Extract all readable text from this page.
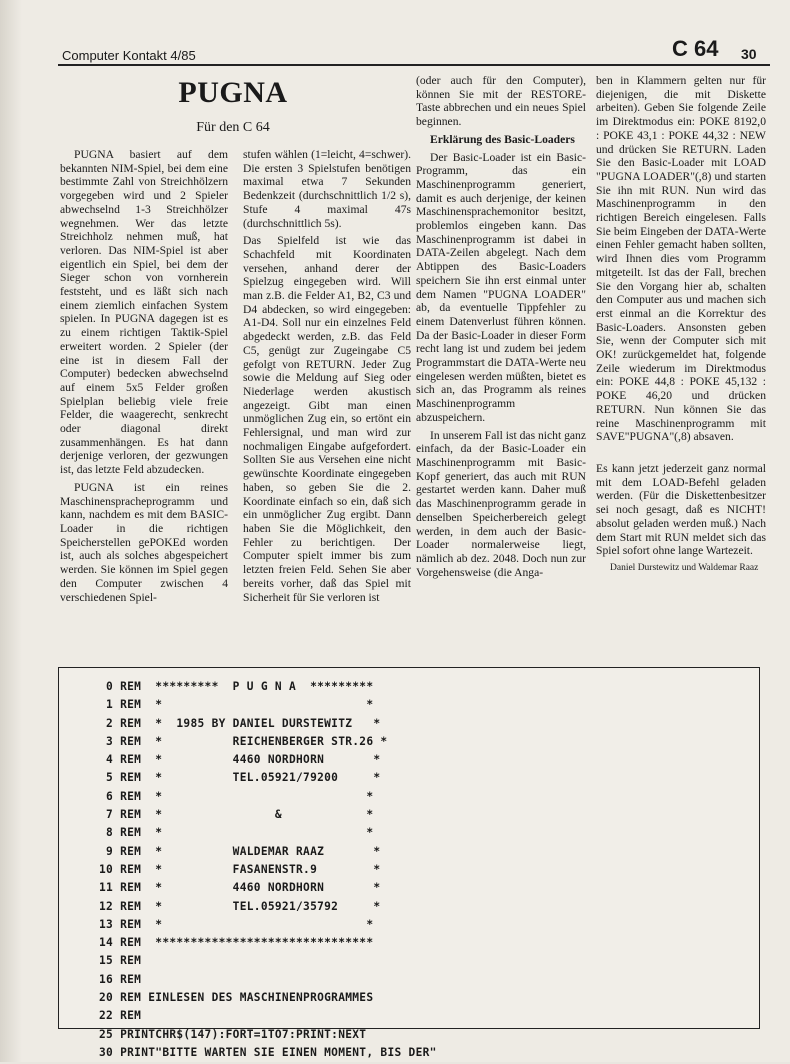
Computer Kontakt 4/85	C 64 30
PUGNA
Für den C 64

PUGNA basiert auf dem bekannten NIM-Spiel, bei dem eine bestimmte Zahl von Streichhölzern vorgegeben wird und 2 Spieler abwechselnd 1-3 Streichhölzer wegnehmen. Wer das letzte Streichholz nehmen muß, hat verloren. Das NIM-Spiel ist aber eigentlich ein Spiel, bei dem der Sieger schon von vornherein feststeht, und es läßt sich nach einem ziemlich einfachen System spielen. In PUGNA dagegen ist es zu einem richtigen Taktik-Spiel erweitert worden. 2 Spieler (der eine ist in diesem Fall der Computer) bedecken abwechselnd auf einem 5x5 Felder großen Spielplan beliebig viele freie Felder, die waagerecht, senkrecht oder diagonal direkt zusammenhängen. Es hat dann derjenige verloren, der gezwungen ist, das letzte Feld abzudecken.

PUGNA ist ein reines Maschinenspracheprogramm und kann, nachdem es mit dem BASIC-Loader in die richtigen Speicherstellen gePOKEd worden ist, auch als solches abgespeichert werden. Sie können im Spiel gegen den Computer zwischen 4 verschiedenen Spiel-

stufen wählen (1=leicht, 4=schwer). Die ersten 3 Spielstufen benötigen maximal etwa 7 Sekunden Bedenkzeit (durchschnittlich 1/2 s), Stufe 4 maximal 47s (durchschnittlich 5s).

Das Spielfeld ist wie das Schachfeld mit Koordinaten versehen, anhand derer der Spielzug eingegeben wird. Will man z.B. die Felder A1, B2, C3 und D4 abdecken, so wird eingegeben: A1-D4. Soll nur ein einzelnes Feld abgedeckt werden, z.B. das Feld C5, genügt zur Zugeingabe C5 gefolgt von RETURN. Jeder Zug sowie die Meldung auf Sieg oder Niederlage werden akustisch angezeigt. Gibt man einen unmöglichen Zug ein, so ertönt ein Fehlersignal, und man wird zur nochmaligen Eingabe aufgefordert. Sollten Sie aus Versehen eine nicht gewünschte Koordinate eingegeben haben, so geben Sie die 2. Koordinate einfach so ein, daß sich ein unmöglicher Zug ergibt. Dann haben Sie die Möglichkeit, den Fehler zu berichtigen. Der Computer spielt immer bis zum letzten freien Feld. Sehen Sie aber bereits vorher, daß das Spiel mit Sicherheit für Sie verloren ist

(oder auch für den Computer), können Sie mit der RESTORE-Taste abbrechen und ein neues Spiel beginnen.

Erklärung des Basic-Loaders

Der Basic-Loader ist ein Basic-Programm, das ein Maschinenprogramm generiert, damit es auch derjenige, der keinen Maschinensprachemonitor besitzt, problemlos eingeben kann. Das Maschinenprogramm ist dabei in DATA-Zeilen abgelegt. Nach dem Abtippen des Basic-Loaders speichern Sie ihn erst einmal unter dem Namen "PUGNA LOADER" ab, da eventuelle Tippfehler zu einem Datenverlust führen können. Da der Basic-Loader in dieser Form recht lang ist und zudem bei jedem Programmstart die DATA-Werte neu eingelesen werden müßten, bietet es sich an, das Programm als reines Maschinenprogramm abzuspeichern.

In unserem Fall ist das nicht ganz einfach, da der Basic-Loader ein Maschinenprogramm mit Basic-Kopf generiert, das auch mit RUN gestartet werden kann. Daher muß das Maschinenprogramm gerade in denselben Speicherbereich gelegt werden, in dem auch der Basic-Loader normalerweise liegt, nämlich ab dez. 2048. Doch nun zur Vorgehensweise (die Anga-

ben in Klammern gelten nur für diejenigen, die mit Diskette arbeiten). Geben Sie folgende Zeile im Direktmodus ein: POKE 8192,0 : POKE 43,1 : POKE 44,32 : NEW und drücken Sie RETURN. Laden Sie den Basic-Loader mit LOAD "PUGNA LOADER"(,8) und starten Sie ihn mit RUN. Nun wird das Maschinenprogramm in den richtigen Bereich eingelesen. Falls Sie beim Eingeben der DATA-Werte einen Fehler gemacht haben sollten, wird Ihnen dies vom Programm mitgeteilt. Ist das der Fall, brechen Sie den Vorgang hier ab, schalten den Computer aus und machen sich erst einmal an die Korrektur des Basic-Loaders. Ansonsten geben Sie, wenn der Computer sich mit OK! zurückgemeldet hat, folgende Zeile wiederum im Direktmodus ein: POKE 44,8 : POKE 45,132 : POKE 46,20 und drücken RETURN. Nun können Sie das reine Maschinenprogramm mit SAVE"PUGNA"(,8) absaven.

Es kann jetzt jederzeit ganz normal mit dem LOAD-Befehl geladen werden. (Für die Diskettenbesitzer sei noch gesagt, daß es NICHT! absolut geladen werden muß.) Nach dem Start mit RUN meldet sich das Spiel sofort ohne lange Wartezeit.

Daniel Durstewitz und Waldemar Raaz

0 REM  *********  P U G N A  *********
1 REM  *                             *
2 REM  *  1985 BY DANIEL DURSTEWITZ   *
3 REM  *          REICHENBERGER STR.26 *
4 REM  *          4460 NORDHORN       *
5 REM  *          TEL.05921/79200     *
6 REM  *                             *
7 REM  *                &            *
8 REM  *                             *
9 REM  *          WALDEMAR RAAZ       *
10 REM  *          FASANENSTR.9        *
11 REM  *          4460 NORDHORN       *
12 REM  *          TEL.05921/35792     *
13 REM  *                             *
14 REM  *******************************
15 REM
16 REM
20 REM EINLESEN DES MASCHINENPROGRAMMES
22 REM
25 PRINTCHR$(147):FORT=1TO7:PRINT:NEXT
30 PRINT"BITTE WARTEN SIE EINEN MOMENT, BIS DER"
